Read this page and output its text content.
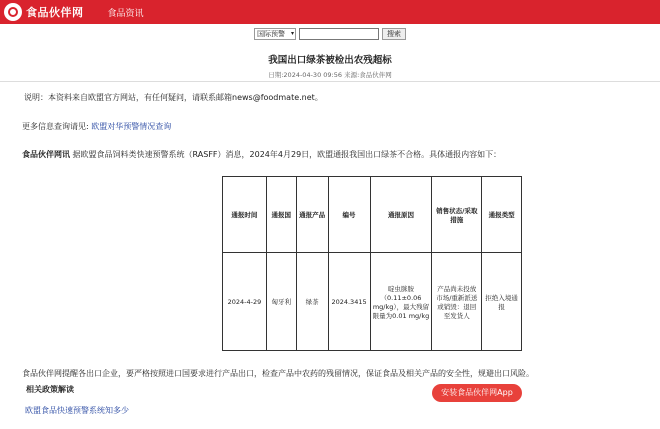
食品伙伴网	食品资讯
国际预警 ▾	搜索
我国出口绿茶被检出农残超标
日期:2024-04-30 09:56 来源:食品伙伴网
说明：本资料来自欧盟官方网站，有任何疑问，请联系邮箱news@foodmate.net。
更多信息查询请见: 欧盟对华预警情况查询
食品伙伴网讯 据欧盟食品饲料类快速预警系统（RASFF）消息，2024年4月29日，欧盟通报我国出口绿茶不合格。具体通报内容如下：
通报时间	通报国	通报产品	编号	通报原因	销售状态/采取措施	通报类型
2024-4-29	匈牙利	绿茶	2024.3415	啶虫脒胺（0.11±0.06 mg/kg），最大残留限量为0.01 mg/kg	产品尚未投放市场/重新派送或销毁：退回至发货人	拒绝入境通报
食品伙伴网提醒各出口企业，要严格按照进口国要求进行产品出口，检查产品中农药的残留情况，保证食品及相关产品的安全性，规避出口风险。
相关政策解读
欧盟食品快速预警系统知多少
安装食品伙伴网App
